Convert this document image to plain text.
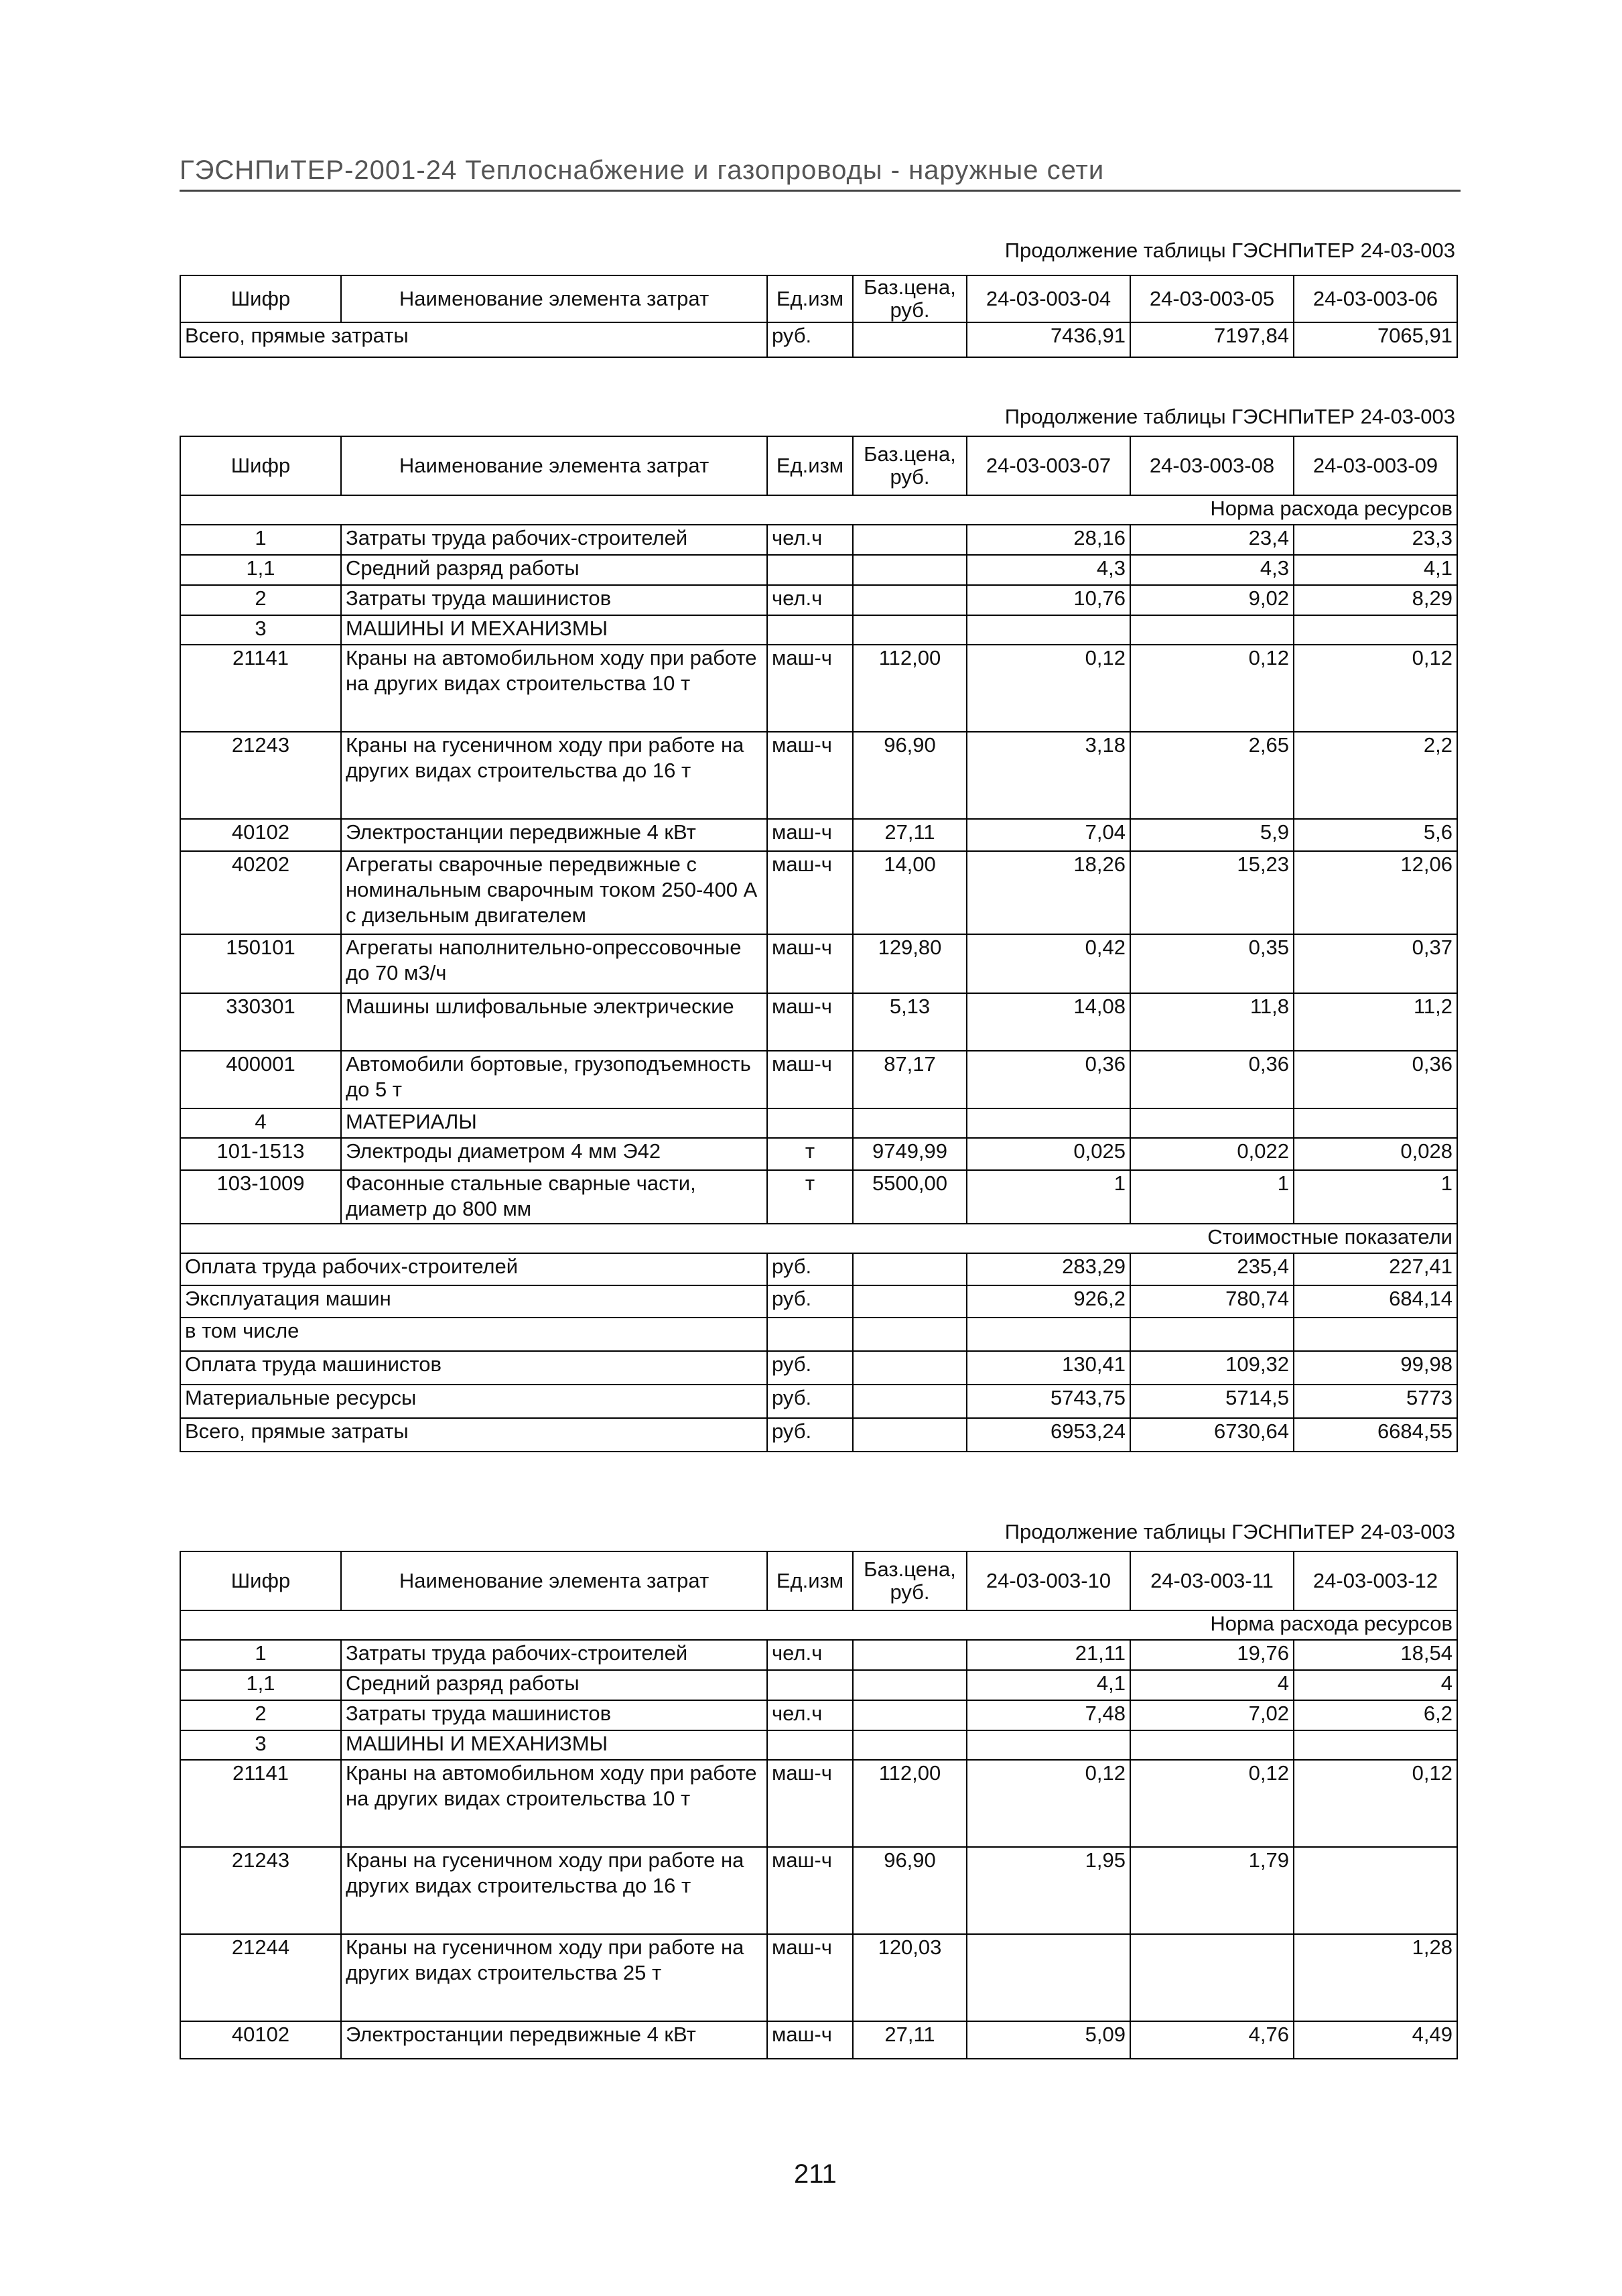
ГЭСНПиТЕР-2001-24 Теплоснабжение и газопроводы - наружные сети
Продолжение таблицы ГЭСНПиТЕР 24-03-003
Шифр	Наименование элемента затрат	Ед.изм	Баз.цена, руб.	24-03-003-04	24-03-003-05	24-03-003-06
Всего, прямые затраты		руб.		7436,91	7197,84	7065,91
Продолжение таблицы ГЭСНПиТЕР 24-03-003
Шифр	Наименование элемента затрат	Ед.изм	Баз.цена, руб.	24-03-003-07	24-03-003-08	24-03-003-09
Норма расхода ресурсов						
1	Затраты труда рабочих-строителей	чел.ч		28,16	23,4	23,3
1,1	Средний разряд работы			4,3	4,3	4,1
2	Затраты труда машинистов	чел.ч		10,76	9,02	8,29
3	МАШИНЫ И МЕХАНИЗМЫ					
21141	Краны на автомобильном ходу при работе на других видах строительства 10 т	маш-ч	112,00	0,12	0,12	0,12
21243	Краны на гусеничном ходу при работе на других видах строительства до 16 т	маш-ч	96,90	3,18	2,65	2,2
40102	Электростанции передвижные 4 кВт	маш-ч	27,11	7,04	5,9	5,6
40202	Агрегаты сварочные передвижные с номинальным сварочным током 250-400 А с дизельным двигателем	маш-ч	14,00	18,26	15,23	12,06
150101	Агрегаты наполнительно-опрессовочные до 70 м3/ч	маш-ч	129,80	0,42	0,35	0,37
330301	Машины шлифовальные электрические	маш-ч	5,13	14,08	11,8	11,2
400001	Автомобили бортовые, грузоподъемность до 5 т	маш-ч	87,17	0,36	0,36	0,36
4	МАТЕРИАЛЫ					
101-1513	Электроды диаметром 4 мм Э42	т	9749,99	0,025	0,022	0,028
103-1009	Фасонные стальные сварные части, диаметр до 800 мм	т	5500,00	1	1	1
Стоимостные показатели						
Оплата труда рабочих-строителей		руб.		283,29	235,4	227,41
Эксплуатация машин		руб.		926,2	780,74	684,14
в том числе						
Оплата труда машинистов		руб.		130,41	109,32	99,98
Материальные ресурсы		руб.		5743,75	5714,5	5773
Всего, прямые затраты		руб.		6953,24	6730,64	6684,55
Продолжение таблицы ГЭСНПиТЕР 24-03-003
Шифр	Наименование элемента затрат	Ед.изм	Баз.цена, руб.	24-03-003-10	24-03-003-11	24-03-003-12
Норма расхода ресурсов						
1	Затраты труда рабочих-строителей	чел.ч		21,11	19,76	18,54
1,1	Средний разряд работы			4,1	4	4
2	Затраты труда машинистов	чел.ч		7,48	7,02	6,2
3	МАШИНЫ И МЕХАНИЗМЫ					
21141	Краны на автомобильном ходу при работе на других видах строительства 10 т	маш-ч	112,00	0,12	0,12	0,12
21243	Краны на гусеничном ходу при работе на других видах строительства до 16 т	маш-ч	96,90	1,95	1,79	
21244	Краны на гусеничном ходу при работе на других видах строительства 25 т	маш-ч	120,03			1,28
40102	Электростанции передвижные 4 кВт	маш-ч	27,11	5,09	4,76	4,49
211
